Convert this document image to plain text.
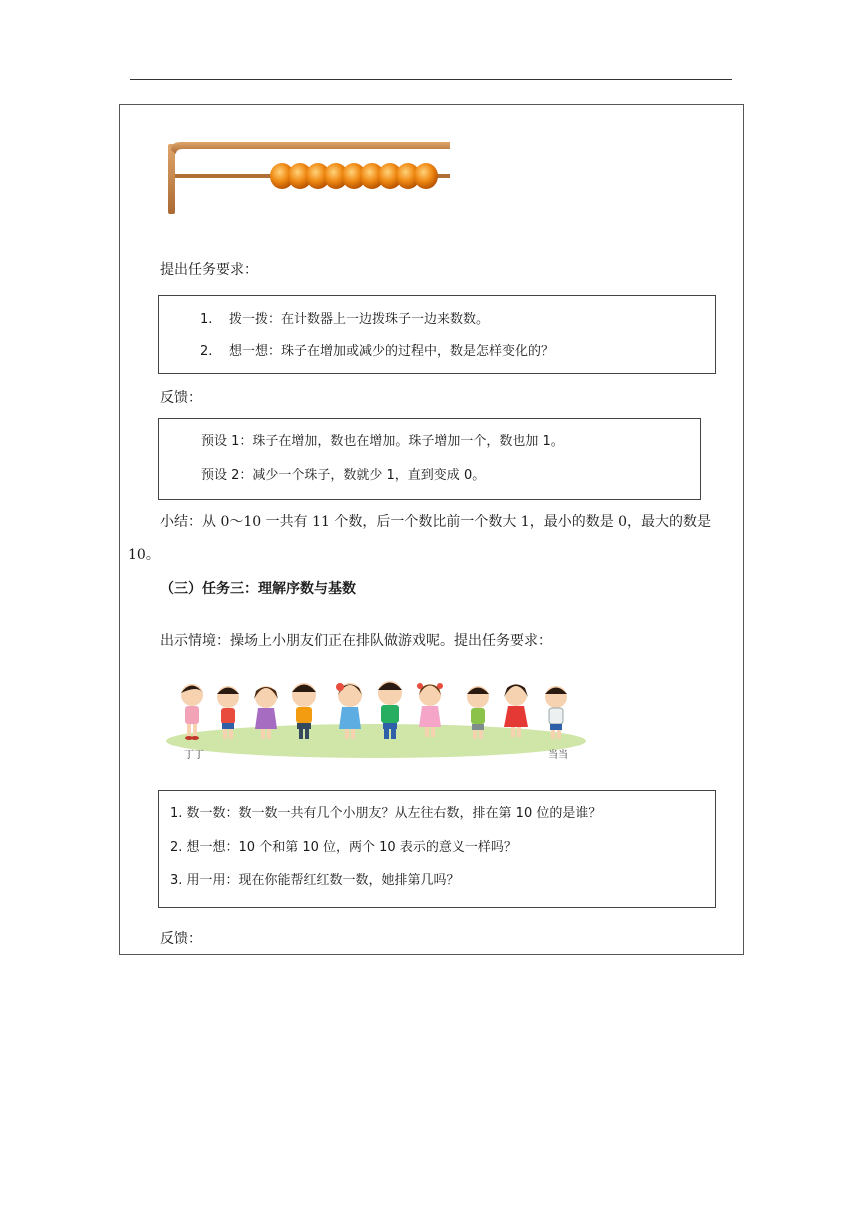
提出任务要求：
1. 拨一拨：在计数器上一边拨珠子一边来数数。
2. 想一想：珠子在增加或减少的过程中，数是怎样变化的？
反馈：
预设 1：珠子在增加，数也在增加。珠子增加一个，数也加 1。
预设 2：减少一个珠子，数就少 1，直到变成 0。
小结：从 0～10 一共有 11 个数，后一个数比前一个数大 1，最小的数是 0，最大的数是
10。
（三）任务三：理解序数与基数
出示情境：操场上小朋友们正在排队做游戏呢。提出任务要求：
丁丁	当当
1. 数一数：数一数一共有几个小朋友？从左往右数，排在第 10 位的是谁？
2. 想一想：10 个和第 10 位，两个 10 表示的意义一样吗？
3. 用一用：现在你能帮红红数一数，她排第几吗？
反馈：
